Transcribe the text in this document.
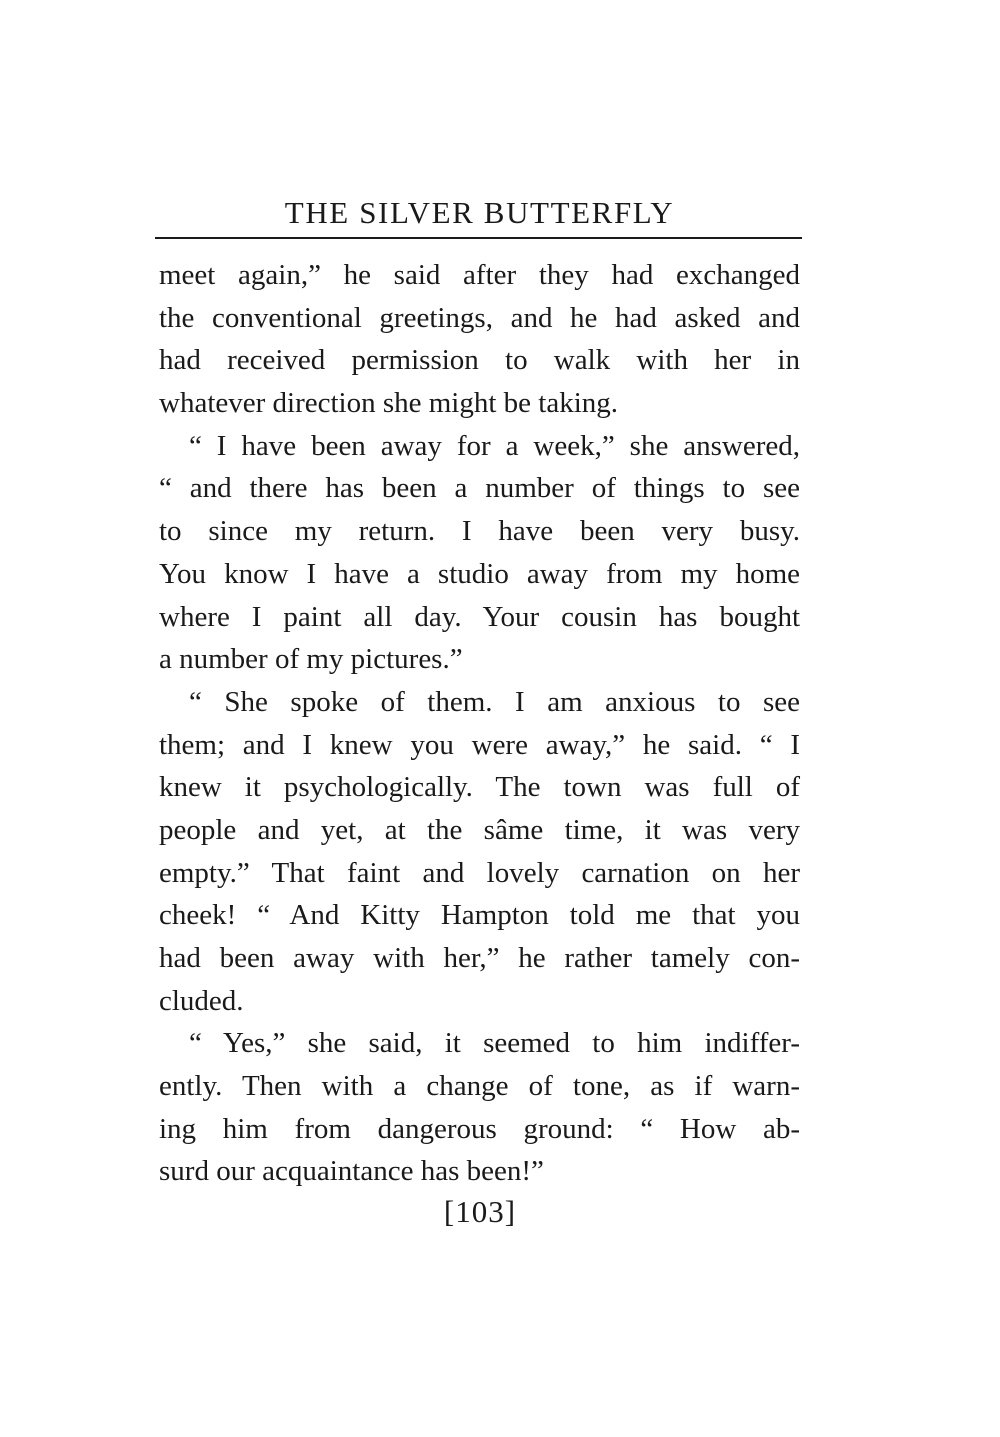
THE SILVER BUTTERFLY
meet again,” he said after they had exchanged
the conventional greetings, and he had asked and
had received permission to walk with her in
whatever direction she might be taking.
“ I have been away for a week,” she answered,
“ and there has been a number of things to see
to since my return. I have been very busy.
You know I have a studio away from my home
where I paint all day. Your cousin has bought
a number of my pictures.”
“ She spoke of them. I am anxious to see
them; and I knew you were away,” he said. “ I
knew it psychologically. The town was full of
people and yet, at the sâme time, it was very
empty.” That faint and lovely carnation on her
cheek! “ And Kitty Hampton told me that you
had been away with her,” he rather tamely con-
cluded.
“ Yes,” she said, it seemed to him indiffer-
ently. Then with a change of tone, as if warn-
ing him from dangerous ground: “ How ab-
surd our acquaintance has been!”
[103]
